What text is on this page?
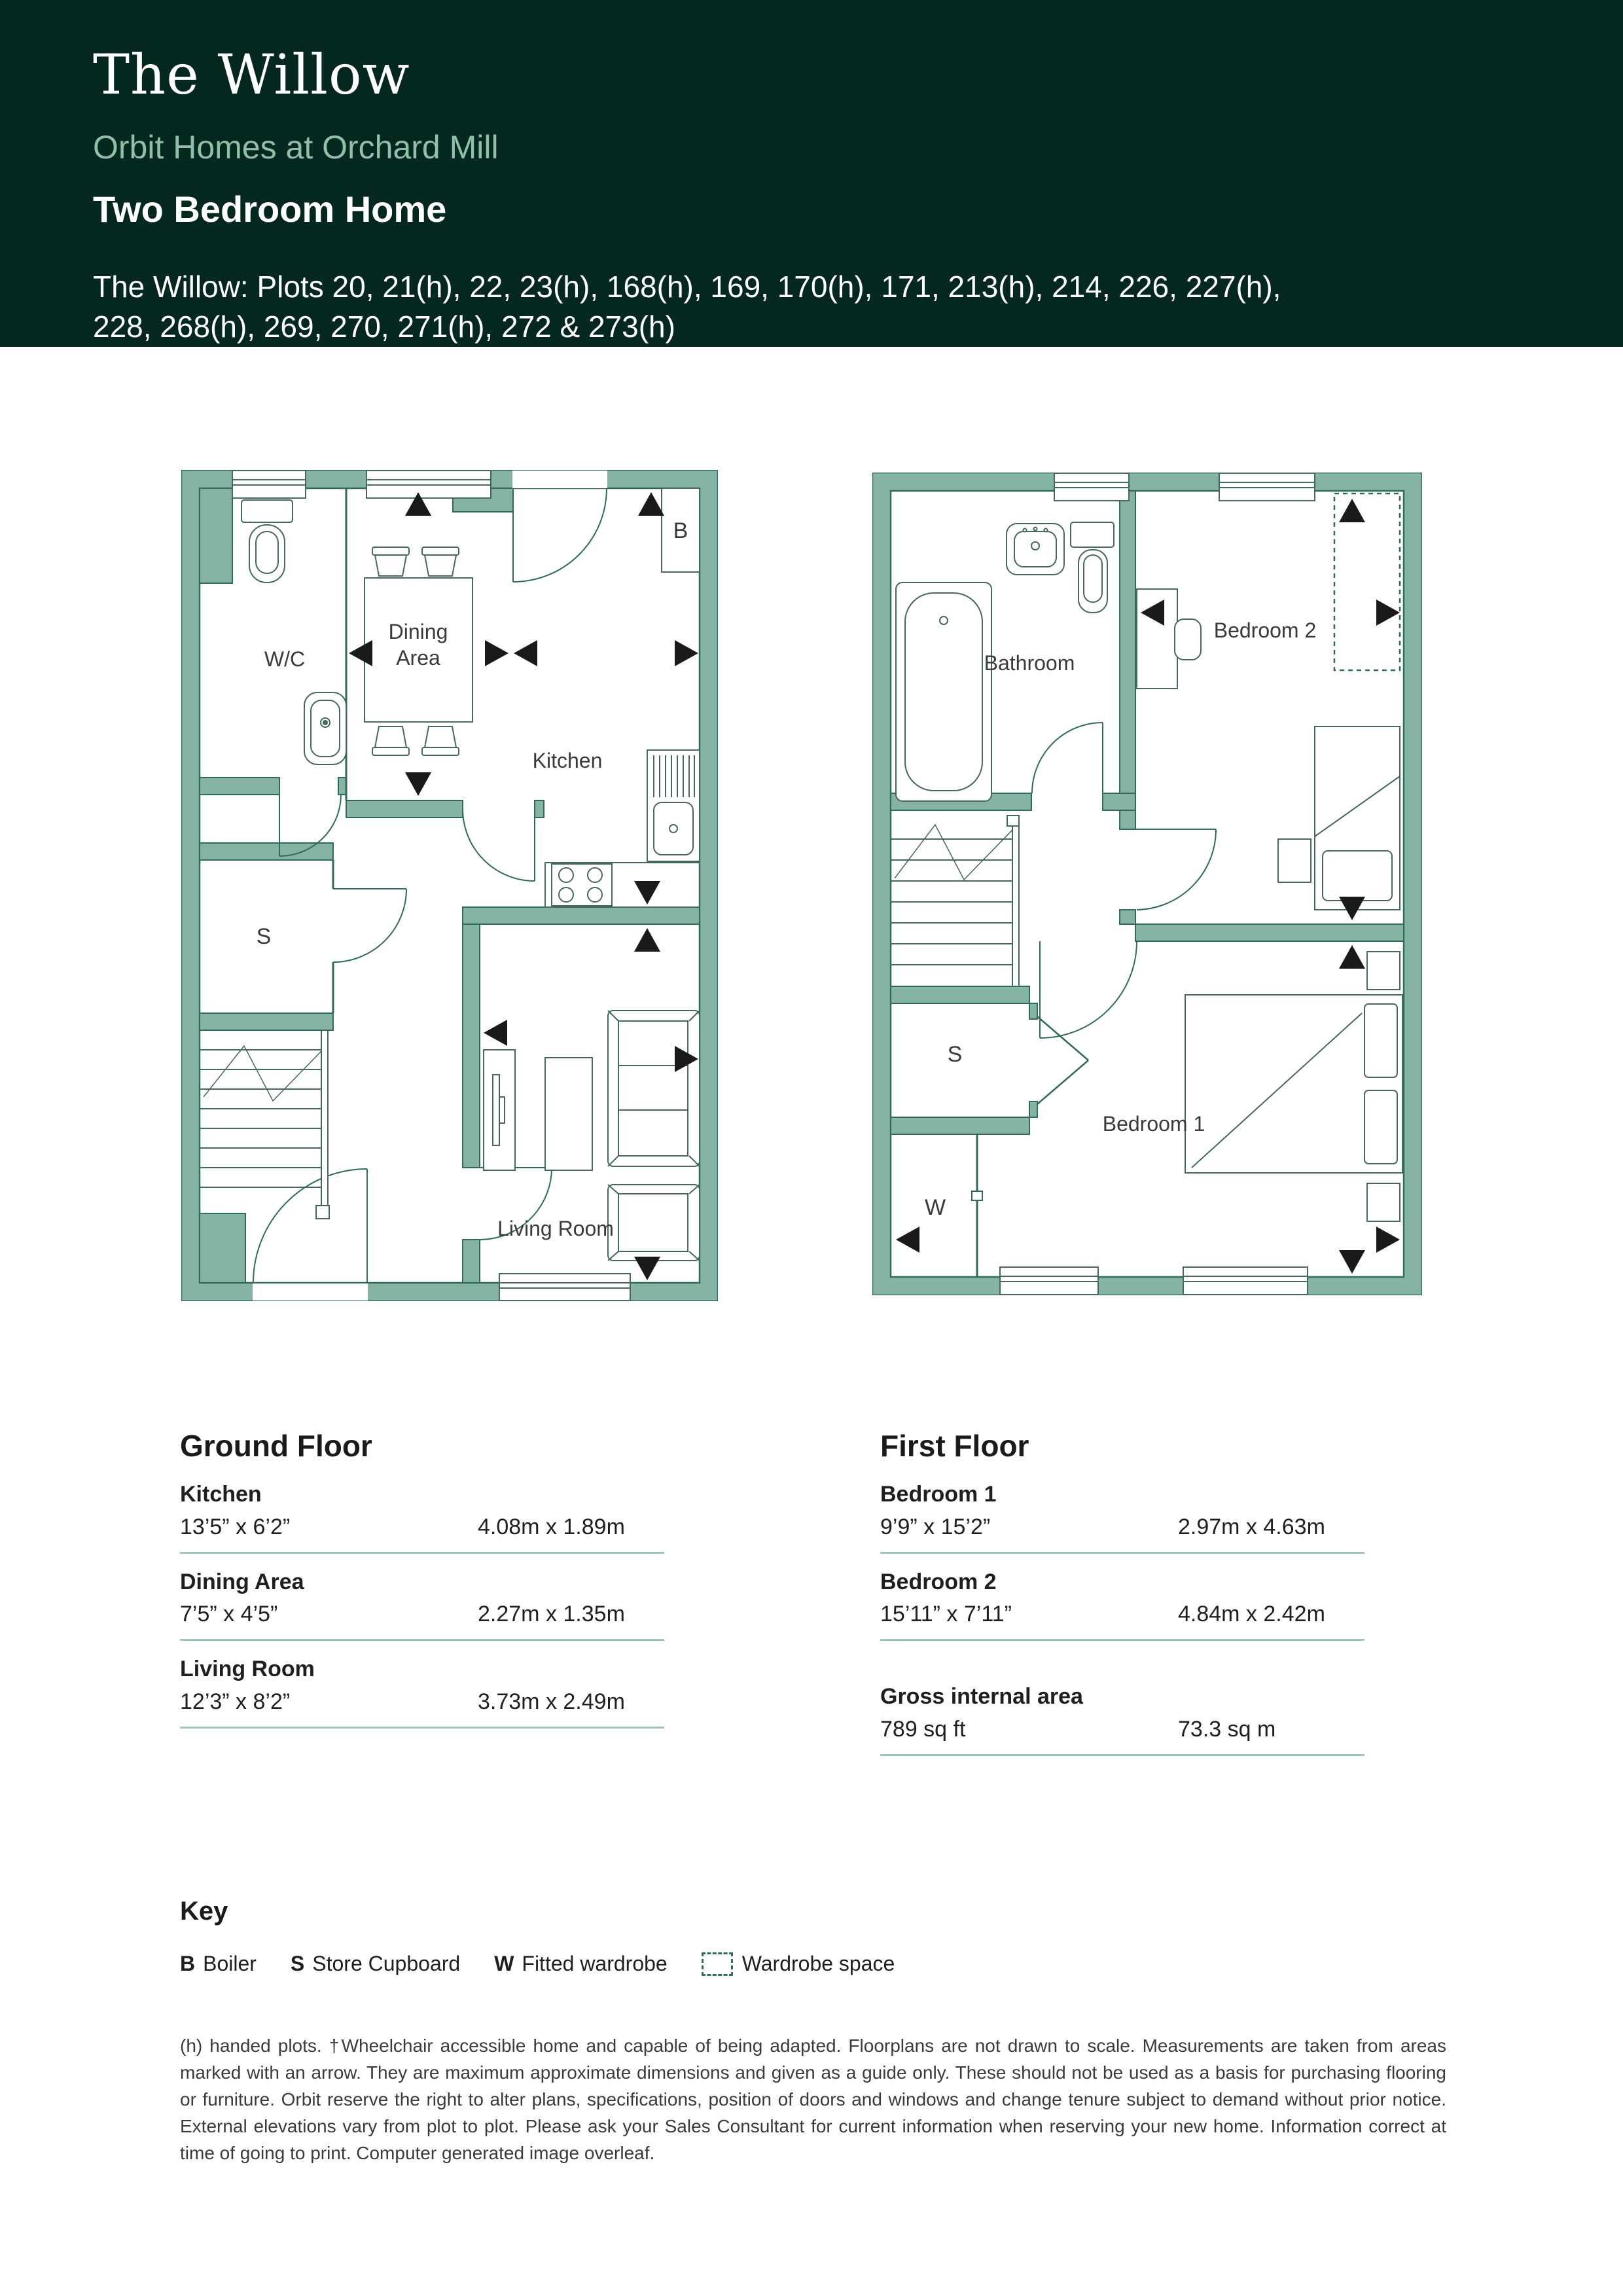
The Willow
Orbit Homes at Orchard Mill
Two Bedroom Home
The Willow: Plots 20, 21(h), 22, 23(h), 168(h), 169, 170(h), 171, 213(h), 214, 226, 227(h), 228, 268(h), 269, 270, 271(h), 272 & 273(h)
W/C
Dining
Area
Kitchen
S
Living Room
B
Bathroom
Bedroom 2
S
Bedroom 1
W
Ground Floor
Kitchen
13’5” x 6’2”	4.08m x 1.89m
Dining Area
7’5” x 4’5”	2.27m x 1.35m
Living Room
12’3” x 8’2”	3.73m x 2.49m
First Floor
Bedroom 1
9’9” x 15’2”	2.97m x 4.63m
Bedroom 2
15’11” x 7’11”	4.84m x 2.42m
Gross internal area
789 sq ft	73.3 sq m
Key
B Boiler S Store Cupboard W Fitted wardrobe	Wardrobe space

(h) handed plots. †Wheelchair accessible home and capable of being adapted. Floorplans are not drawn to scale. Measurements are taken from areas marked with an arrow. They are maximum approximate dimensions and given as a guide only. These should not be used as a basis for purchasing flooring or furniture. Orbit reserve the right to alter plans, specifications, position of doors and windows and change tenure subject to demand without prior notice. External elevations vary from plot to plot. Please ask your Sales Consultant for current information when reserving your new home. Information correct at time of going to print. Computer generated image overleaf.
